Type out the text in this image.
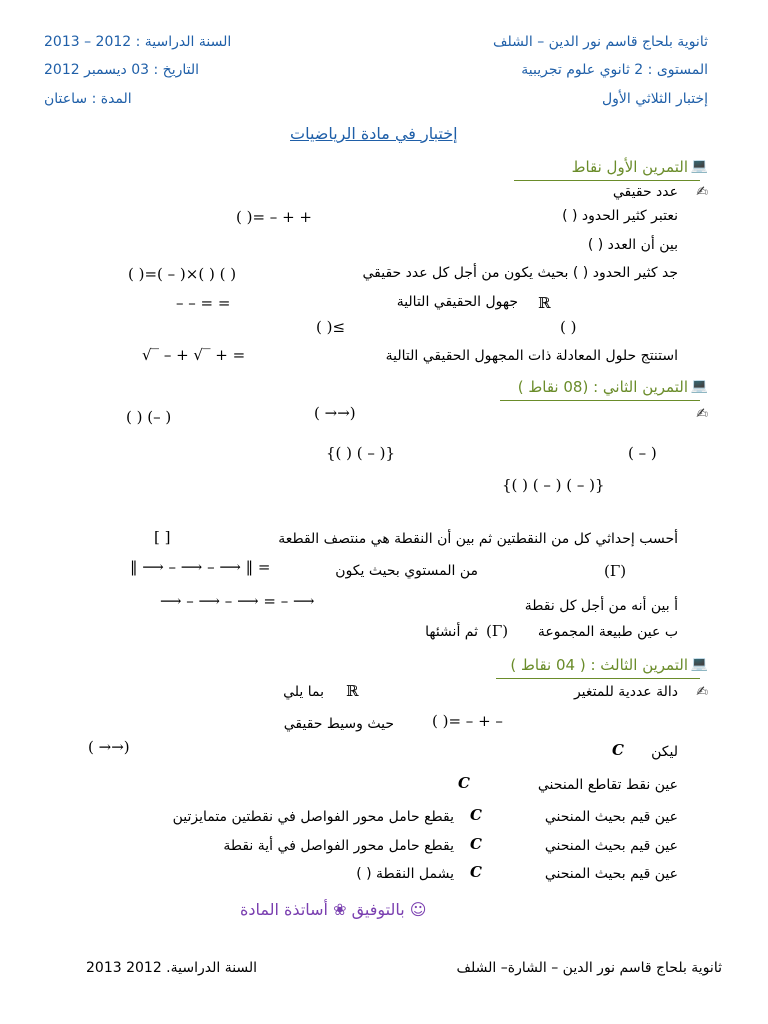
ثانوية بلحاج قاسم نور الدين – الشلف
السنة الدراسية : 2012 – 2013
المستوى : 2 ثانوي علوم تجريبية
التاريخ : 03 ديسمبر 2012
إختبار الثلاثي الأول
المدة : ساعتان
إختبار في مادة الرياضيات
💻
التمرين الأول نقاط
✍
عدد حقيقي
نعتبر كثير الحدود ( )
( )= – + +
بين أن العدد ( )
جد كثير الحدود ( ) بحيث يكون من أجل كل عدد حقيقي
( )=( – )×( ) ( )
ℝ
جهول الحقيقي التالية
– – = =
( )≤	( )
استنتج حلول المعادلة ذات المجهول الحقيقي التالية
√‾ – + √‾ + =
💻
التمرين الثاني : (08 نقاط )
✍
( ) (– )	( →→)
{( ) ( – )}	( – )
{( ) ( – ) ( – )}
أحسب إحداثي كل من النقطتين ثم بين أن النقطة هي منتصف القطعة
[ ]
‖ ⟶ – ⟶ – ⟶ ‖ =	من المستوي بحيث يكون	(Γ)
أ بين أنه من أجل كل نقطة
⟶ – ⟶ – ⟶ = – ⟶
ب عين طبيعة المجموعة
(Γ)
ثم أنشئها
💻
التمرين الثالث : ( 04 نقاط )
✍
دالة عددية للمتغير
ℝ
بما يلي
حيث وسيط حقيقي	( )= – + –
( →→)	ليكن
C
عين نقط تقاطع المنحني
C
عين قيم بحيث المنحني
C
يقطع حامل محور الفواصل في نقطتين متمايزتين
عين قيم بحيث المنحني
C
يقطع حامل محور الفواصل في أية نقطة
عين قيم بحيث المنحني
C
يشمل النقطة ( )
☺ بالتوفيق ❀ أساتذة المادة
ثانوية بلحاج قاسم نور الدين – الشارة– الشلف
السنة الدراسية. 2012 2013
